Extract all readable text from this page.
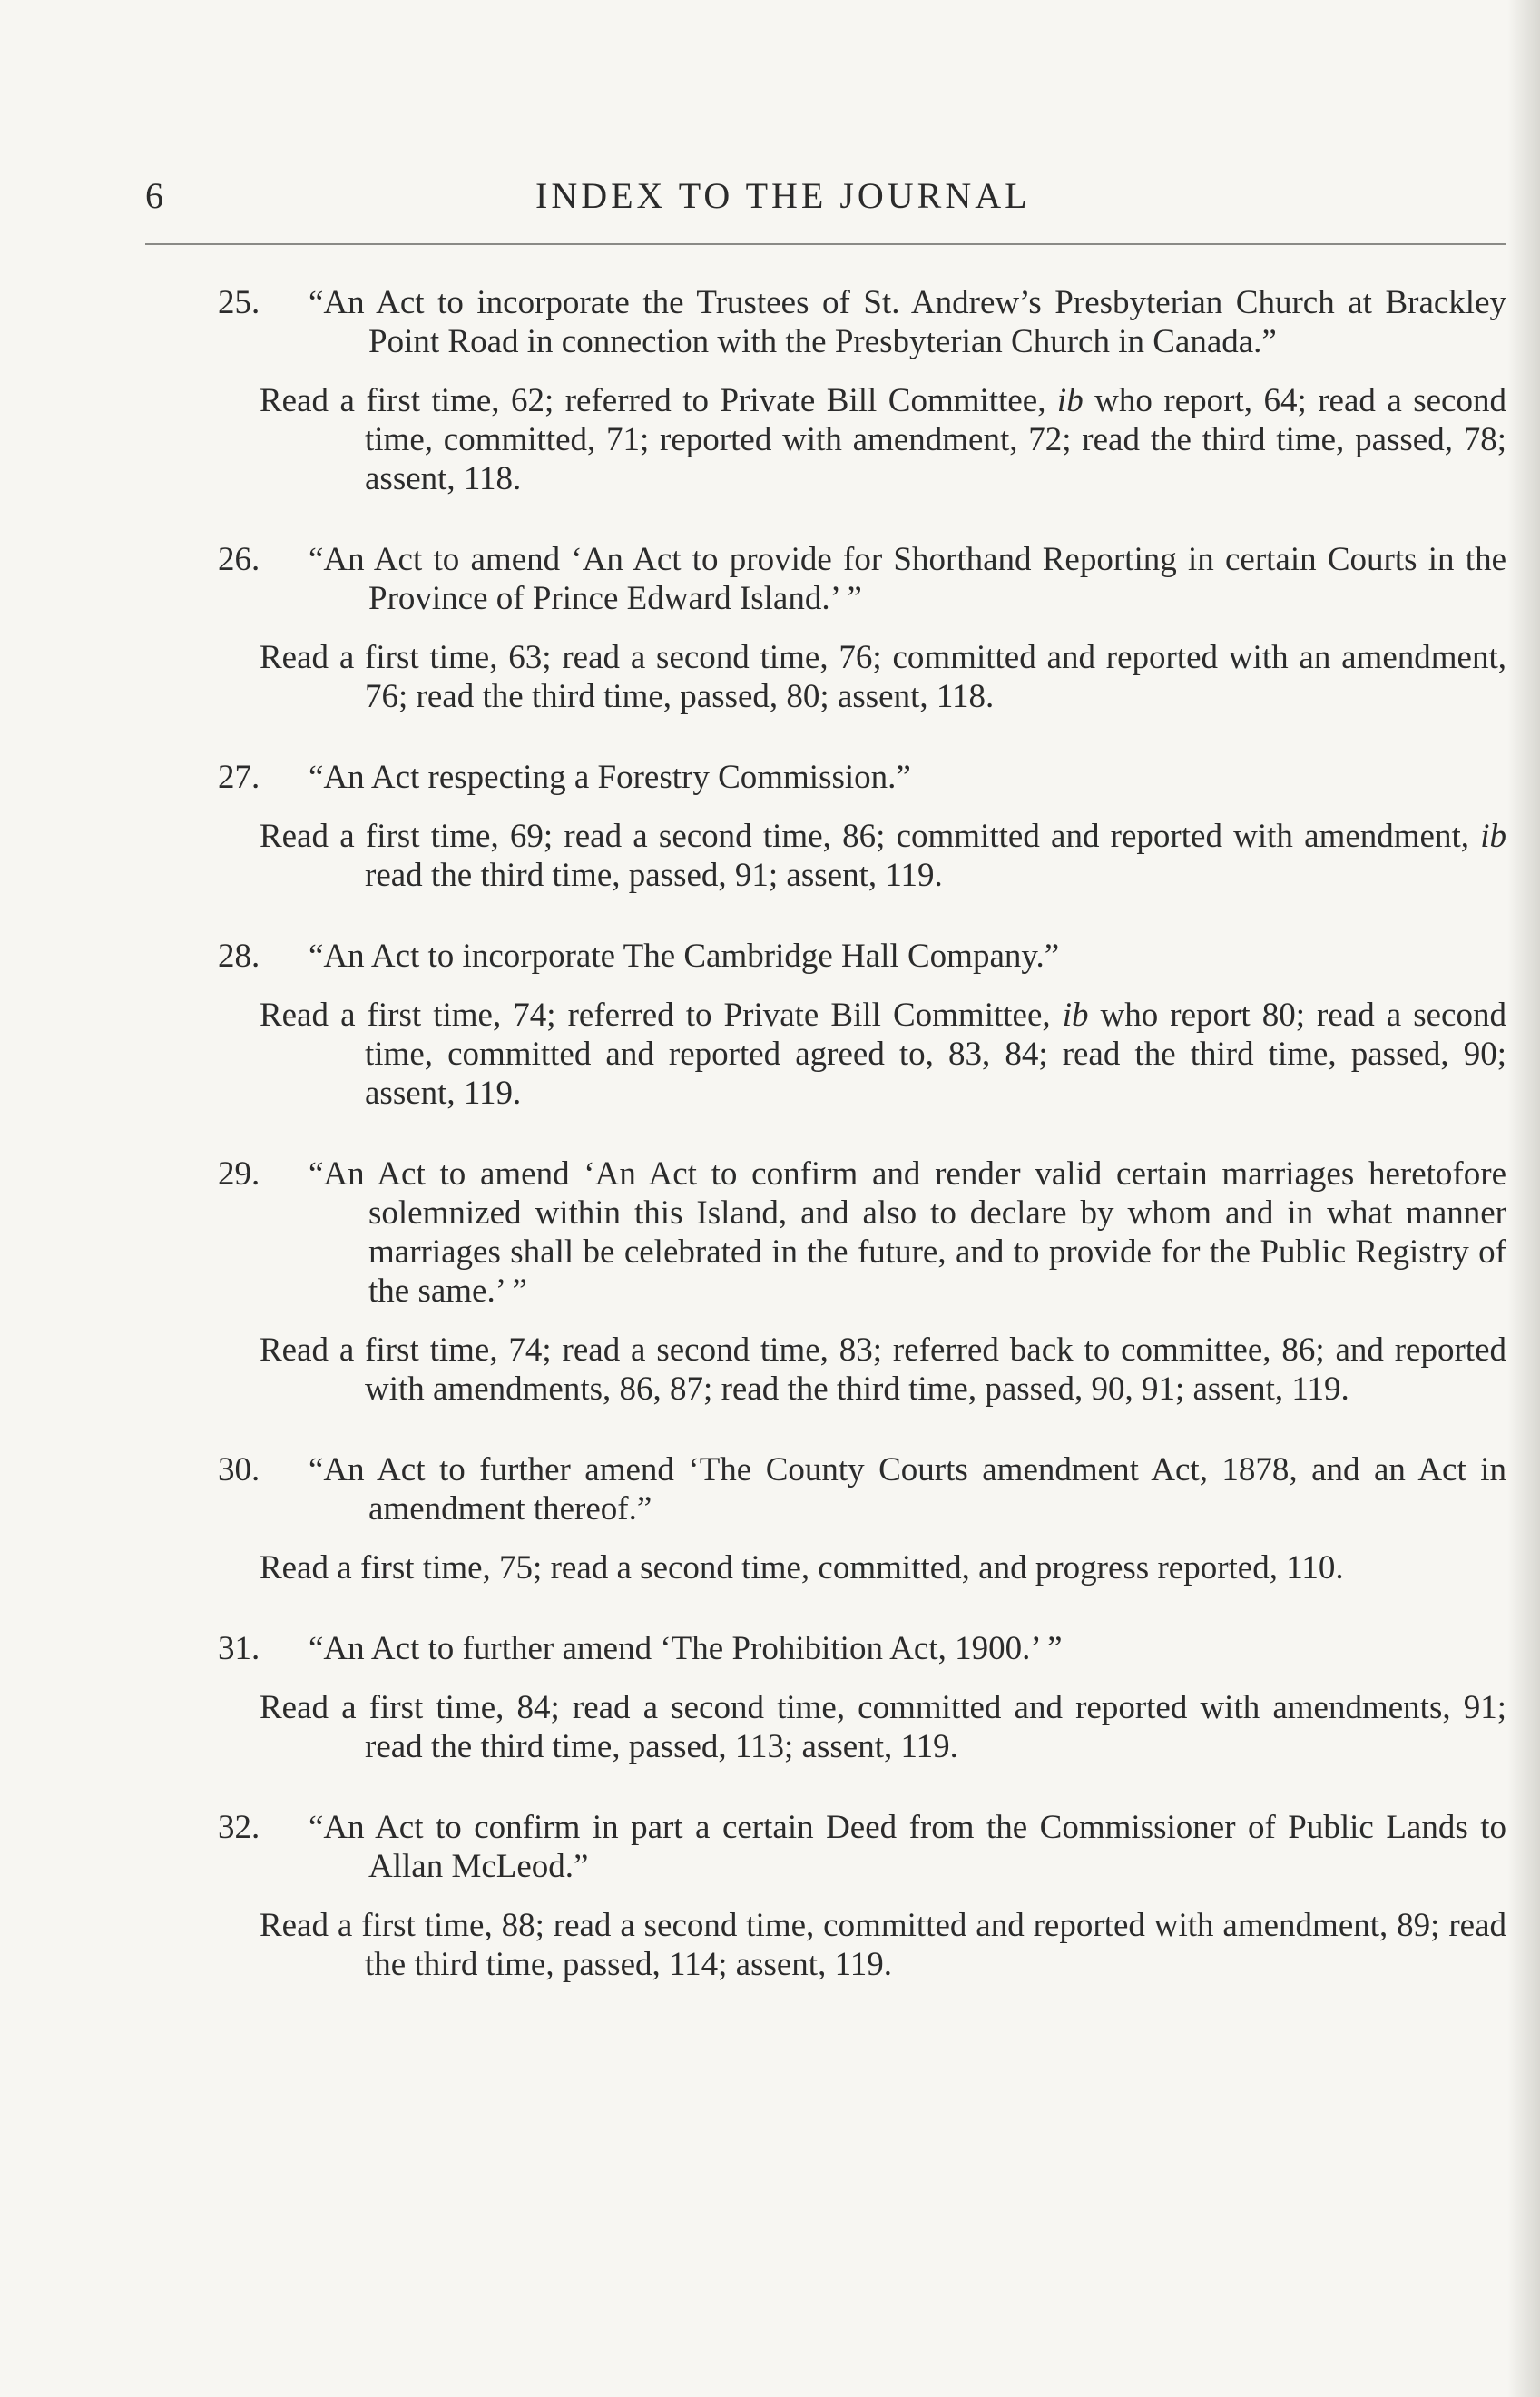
6	INDEX TO THE JOURNAL
25.	“An Act to incorporate the Trustees of St. Andrew’s Presbyterian Church at Brackley Point Road in connection with the Presbyterian Church in Canada.”
Read a first time, 62; referred to Private Bill Committee, ib who report, 64; read a second time, committed, 71; reported with amendment, 72; read the third time, passed, 78; assent, 118.
26.	“An Act to amend ‘An Act to provide for Shorthand Reporting in certain Courts in the Province of Prince Edward Island.’ ”
Read a first time, 63; read a second time, 76; committed and reported with an amendment, 76; read the third time, passed, 80; assent, 118.
27.	“An Act respecting a Forestry Commission.”
Read a first time, 69; read a second time, 86; committed and reported with amendment, ib read the third time, passed, 91; assent, 119.
28.	“An Act to incorporate The Cambridge Hall Company.”
Read a first time, 74; referred to Private Bill Committee, ib who report 80; read a second time, committed and reported agreed to, 83, 84; read the third time, passed, 90; assent, 119.
29.	“An Act to amend ‘An Act to confirm and render valid certain marriages heretofore solemnized within this Island, and also to declare by whom and in what manner marriages shall be celebrated in the future, and to provide for the Public Registry of the same.’ ”
Read a first time, 74; read a second time, 83; referred back to committee, 86; and reported with amendments, 86, 87; read the third time, passed, 90, 91; assent, 119.
30.	“An Act to further amend ‘The County Courts amendment Act, 1878, and an Act in amendment thereof.”
Read a first time, 75; read a second time, committed, and progress reported, 110.
31.	“An Act to further amend ‘The Prohibition Act, 1900.’ ”
Read a first time, 84; read a second time, committed and reported with amendments, 91; read the third time, passed, 113; assent, 119.
32.	“An Act to confirm in part a certain Deed from the Commissioner of Public Lands to Allan McLeod.”
Read a first time, 88; read a second time, committed and reported with amendment, 89; read the third time, passed, 114; assent, 119.
